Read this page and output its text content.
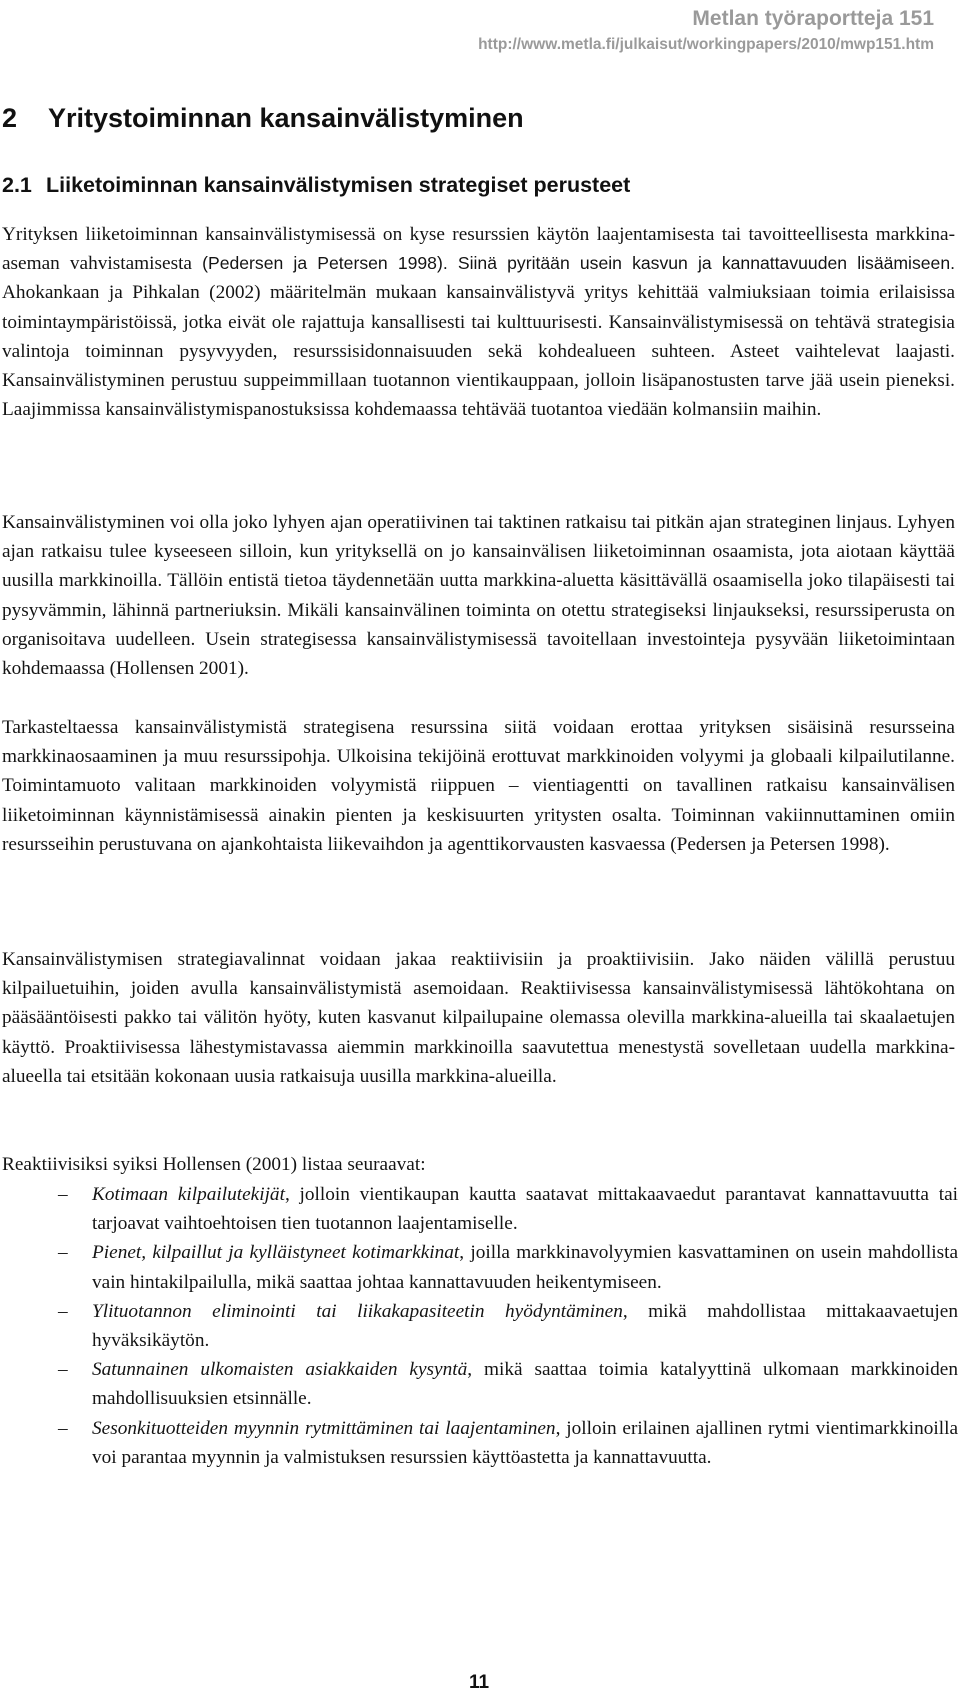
Metlan työraportteja 151
http://www.metla.fi/julkaisut/workingpapers/2010/mwp151.htm
2 Yritystoiminnan kansainvälistyminen
2.1 Liiketoiminnan kansainvälistymisen strategiset perusteet

Yrityksen liiketoiminnan kansainvälistymisessä on kyse resurssien käytön laajentamisesta tai tavoitteellisesta markkina-aseman vahvistamisesta (Pedersen ja Petersen 1998). Siinä pyritään usein kasvun ja kannattavuuden lisäämiseen. Ahokankaan ja Pihkalan (2002) määritelmän mukaan kansainvälistyvä yritys kehittää valmiuksiaan toimia erilaisissa toimintaympäristöissä, jotka eivät ole rajattuja kansallisesti tai kulttuurisesti. Kansainvälistymisessä on tehtävä strategisia valintoja toiminnan pysyvyyden, resurssisidonnaisuuden sekä kohdealueen suhteen. Asteet vaihtelevat laajasti. Kansainvälistyminen perustuu suppeimmillaan tuotannon vientikauppaan, jolloin lisäpanostusten tarve jää usein pieneksi. Laajimmissa kansainvälistymispanostuksissa kohdemaassa tehtävää tuotantoa viedään kolmansiin maihin.

Kansainvälistyminen voi olla joko lyhyen ajan operatiivinen tai taktinen ratkaisu tai pitkän ajan strateginen linjaus. Lyhyen ajan ratkaisu tulee kyseeseen silloin, kun yrityksellä on jo kansainvälisen liiketoiminnan osaamista, jota aiotaan käyttää uusilla markkinoilla. Tällöin entistä tietoa täydennetään uutta markkina-aluetta käsittävällä osaamisella joko tilapäisesti tai pysyvämmin, lähinnä partneriuksin. Mikäli kansainvälinen toiminta on otettu strategiseksi linjaukseksi, resurssiperusta on organisoitava uudelleen. Usein strategisessa kansainvälistymisessä tavoitellaan investointeja pysyvään liiketoimintaan kohdemaassa (Hollensen 2001).

Tarkasteltaessa kansainvälistymistä strategisena resurssina siitä voidaan erottaa yrityksen sisäisinä resursseina markkinaosaaminen ja muu resurssipohja. Ulkoisina tekijöinä erottuvat markkinoiden volyymi ja globaali kilpailutilanne. Toimintamuoto valitaan markkinoiden volyymistä riippuen – vientiagentti on tavallinen ratkaisu kansainvälisen liiketoiminnan käynnistämisessä ainakin pienten ja keskisuurten yritysten osalta. Toiminnan vakiinnuttaminen omiin resursseihin perustuvana on ajankohtaista liikevaihdon ja agenttikorvausten kasvaessa (Pedersen ja Petersen 1998).

Kansainvälistymisen strategiavalinnat voidaan jakaa reaktiivisiin ja proaktiivisiin. Jako näiden välillä perustuu kilpailuetuihin, joiden avulla kansainvälistymistä asemoidaan. Reaktiivisessa kansainvälistymisessä lähtökohtana on pääsääntöisesti pakko tai välitön hyöty, kuten kasvanut kilpailupaine olemassa olevilla markkina-alueilla tai skaalaetujen käyttö. Proaktiivisessa lähestymistavassa aiemmin markkinoilla saavutettua menestystä sovelletaan uudella markkina-alueella tai etsitään kokonaan uusia ratkaisuja uusilla markkina-alueilla.

Reaktiivisiksi syiksi Hollensen (2001) listaa seuraavat:

– Kotimaan kilpailutekijät, jolloin vientikaupan kautta saatavat mittakaavaedut parantavat kannattavuutta tai tarjoavat vaihtoehtoisen tien tuotannon laajentamiselle.
– Pienet, kilpaillut ja kylläistyneet kotimarkkinat, joilla markkinavolyymien kasvattaminen on usein mahdollista vain hintakilpailulla, mikä saattaa johtaa kannattavuuden heikentymiseen.
– Ylituotannon eliminointi tai liikakapasiteetin hyödyntäminen, mikä mahdollistaa mittakaavaetujen hyväksikäytön.
– Satunnainen ulkomaisten asiakkaiden kysyntä, mikä saattaa toimia katalyyttinä ulkomaan markkinoiden mahdollisuuksien etsinnälle.
– Sesonkituotteiden myynnin rytmittäminen tai laajentaminen, jolloin erilainen ajallinen rytmi vientimarkkinoilla voi parantaa myynnin ja valmistuksen resurssien käyttöastetta ja kannattavuutta.
11
